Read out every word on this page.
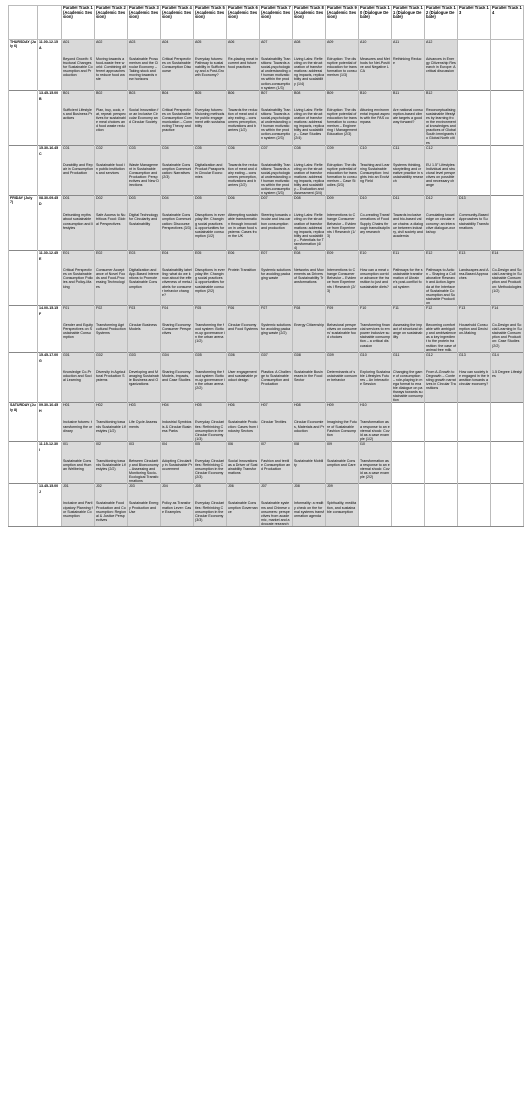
		Parallel Track 1 (Academic Session)	Parallel Track 2 (Academic Session)	Parallel Track 3 (Academic Session)	Parallel Track 4 (Academic Session)	Parallel Track 5 (Academic Session)	Parallel Track 6 (Academic Session)	Parallel Track 7 (Academic Session)	Parallel Track 8 (Academic Session)	Parallel Track 9 (Academic Session)	Parallel Track 10 (Dialogue Debate)	Parallel Track 11 (Dialogue Debate)	Parallel Track 12 (Dialogue Debate)	Parallel Track 13	Parallel Track 14
THURSDAY (July 6)	11.00-12.15	A01	A02	A03	A04	A05	A06	A07	A08	A09	A10	A11	A12		
	A														
		Beyond Growth: Structural Changes for Sustainable Consumption and Production	Moving towards a food-waste free world: Combining different approaches to reduce food waste	Sustainable Prosumerism and the Circular Economy – Taking stock and moving towards new horizons	Critical Perspectives on Sustainable Consumption Discourse	Everyday futures: Pathway to sustainability in Sufficiency and a Post-Growth Economy?	Re-placing meat in current and future food practices	Sustainability Transitions: Towards a social-psychological understanding of human motivations within the production-consumption system (1/3)	Living Labs: Reflecting on the structuration of transformations: addressing impacts, replicability and scalability (1/4)	Edruption: The disruptive potential of education for transformation to consumerism (1/3)	Measures and Methods for Net-Positive and Negative LCA	Rethinking Reduce	Advances in Energy Citizenship Research in Europe: A critical discussion		
	13.45-15.00	B01	B02	B03	B04	B05	B06	B07	B08	B09	B10	B11	B12		
	B														
		Sufficient Lifestyles and Business Practices	Plan, buy, cook, eat, repeat: perspectives for sustainable meal choices and food waste reduction	Social Innovation for an Inclusive Circular Economy and Circular Society	Critical Perspectives on Sustainable Consumption Communication – Connecting Theory and practice	Everyday futures: Visioning methods for public engagement with sustainability	Towards the reduction of meat and dairy eating – consumers perception, motivations and barriers (1/2)	Sustainability Transitions: Towards a social-psychological understanding of human motivations within the production-consumption system (2/3)	Living Labs: Reflecting on the structuration of transformations: addressing impacts, replicability and scalability – Case Studies (2/4)	Edruption: The disruptive potential of education for transformation to consumerism – Engineering / Management Education (2/3)	Attuning environmental impact aspects with the PAS compass	Are national consumption-based climate targets a good way forward?	Reconceptualising sustainable lifestyles by learning from the environmental knowledges and practices of Global South immigrants to Global North cities		
	15.30-16.45	C01	C02	C03	C04	C05	C06	C07	C08	C09	C10	C11	C12		
	C														
		Durability and Repair in Consumption and Production	Sustainable food in public institutions and services	Waste Management in Sustainable Consumption and Production: Perspectives and New Directions	Sustainable Consumption Communication: Narratives (2/3)	Digitalization and Product Passports in Circular Economies	Towards the reduction of meat and dairy eating – consumers perception, motivations and barriers (2/2)	Sustainability Transitions: Towards a social-psychological understanding of human motivations within the production-consumption system (3/3)	Living Labs: Reflecting on the structuration of transformations: addressing impacts, replicability and scalability – Evaluation and Assessment (3/4)	Edruption: The disruptive potential of education for transformation to consumerism – Case Studies (3/3)	Teaching and Learning Sustainable Consumption: Insights into an Evolving Field	Systems thinking, storytelling and creative practice in sustainability research	EU 1.5° Lifestyles: Individual and structural level perspectives on possible and necessary change		
FRIDAY (July 7)	08.30-09.45	D01	D02	D03	D04	D05	D06	D07	D08	D09	D10	D11	D12	D13	
	D														
		Debunking myths about sustainable consumption and lifestyles	Safe Access to Nutritious Food: Global Perspectives	Digital Technology for Circularity and Sustainability	Sustainable Consumption Communication: Discourse Perspectives (3/3)	Disruptions in everyday life: Changing social practices & opportunities for sustainable consumption (1/2)	Attempting sustainable transformation through innovation in urban food systems: Cases from the UK	Steering towards circular and low-carbon consumption and production	Living Labs: Reflecting on the structuration of transformations: addressing impacts, replicability and scalability – Potentials for Transformation (4/4)	Interventions to Change Consumer Behavior – Evidence from Experiments I Research (1/3)	Co-creating Transformations of Food Supply Chains through transdisciplinary research	Towards inclusive and bio-based value chains: a dialogue between industry, civil society and academia	Cumulating knowledge on circular economy: an interactive dialogue-workshop	Community-Based Approaches to Sustainability Transformations	
	11.30-12.45	E01	E02	E03	E04	E05	E06	E07	E08	E09	E10	E11	E12	E13	E14
	E														
		Critical Perspectives on Sustainable Consumption Policies and Policy-Making	Consumer Acceptance of Novel Foods and Food-Processing Technologies	Digitalization and App-Based Interventions to Promote Sustainable Consumption	Sustainability labelling: what do we know about the effectiveness of meta-labels for consumer behavior change?	Disruptions in everyday life: Changing social practices & opportunities for sustainable consumption (2/2)	Protein Transition	Systemic solutions for avoiding packaging waste	Networks and Movements as Drivers of Sustainability Transformations	Interventions to Change Consumer Behavior – Evidence from Experiments I Research (2/3)	How can a meat consumption corridor advance the transition to just and sustainable diets?	Pathways for the sustainable transformation of Ukraine's post-conflict food system	Pathways to Action – Shaping a Collaborative Research and Action Agenda at the Interface of Sustainable Consumption and Sustainable Production	Landscapes and Area-Based Approaches	Co-Design and Social Learning in Sustainable Consumption and Production: Methodologies (1/2)
	14.00-15.15	F01	F02	F03	F04	F05	F06	F07	F08	F09	F10	F11	F12	F13	F14
	F														
		Gender and Equity Perspectives on Sustainable Consumption	Transforming Agricultural Production Systems	Circular Business Models	Sharing Economy: Consumer Perspectives	Transforming the food system: Bottom-up governance in the urban arena (1/2)	Circular Economy and Food Systems	Systemic solutions for avoiding packaging waste (2/2)	Energy Citizenship	Behavioral perspectives on consumers' sustainable food choices	Transforming financial services to empower inclusive sustainable consumption – a critical discussion	Assessing the impact of structural change on sustainability	Becoming comfortable with ambiguity and ambivalence as a key ingredient to the protein transition: the case of animal free milk.	Household Consumption and Decision-Making	Co-Design and Social Learning in Sustainable Consumption and Production: Case Studies (2/2)
	15.45-17.00	G01	G02	G03	G04	G05	G06	G07	G08	G09	G10	G11	G12	G13	G14
	G														
		Knowledge Co-Production and Social Learning	Diversity in Agricultural Production Systems	Developing and Managing Sustainable Business and Organizations	Sharing Economy: Models, Impacts, and Case Studies	Transforming the food system: Bottom-up governance in the urban arena (2/2)	User engagement and sustainable product design	Plastics: A Challenge to Sustainable Consumption and Production	Sustainable Businesses in the Food Sector	Determinants of sustainable consumer behavior	Exploring Sustainable Lifestyles Futures – An Interactive Session	Changing the game of consumption – role-playing in mega format to enable dialogue on pathways towards sustainable consumption	From A-Growth to Degrowth – Contesting growth narratives in Circular Transitions	How can society be engaged in the transition towards a circular economy?	1.5 Degree Lifestyles
SATURDAY (July 8)	09.30-10.45	H01	H02	H03	H04	H05	H06	H07	H08	H09	H10				
	H														
		Inclusive futures: transforming the ordinary	Transitioning towards Sustainable Lifestyles (1/2)	Life Cycle Assessments	Industrial Symbiosis & Circular Business Parks	Everyday Circularities: Rethinking Consumption in the Circular Economy (1/3)	Sustainable Production: Cases from Industry Sectors	Circular Textiles	Circular Economies, Materials and Production	Imagining the Future of Sustainable Fashion Consumption	Transformation as a response to an external shock: Covid as a case example (1/2)				
	11.15-12.30	I01	I02	I03	I04	I05	I06	I07	I08	I09	I10				
	I														
		Sustainable Consumption and Human Wellbeing	Transitioning towards Sustainable Lifestyles (2/2)	Between Circularity and Bioeconomy – Assessing and Monitoring Socio-Ecological Transformations	Adopting Circularity in Sustainable Procurement	Everyday Circularities: Rethinking Consumption in the Circular Economy (2/3)	Social Innovations as a Driver of Sustainability Transformations	Fashion and textile Consumption and Production	Sustainable Mobility	Sustainable Consumption and Care	Transformation as a response to an external shock: Covid as a case example (2/2)				
	13.45-15.00	J01	J02	J03	J04	J05	J06	J07	J08	J09					
	J														
		Inclusive and Participatory Planning for Sustainable Consumption	Sustainable Food Production and Consumption: Regional & Justice Perspectives	Sustainable Energy Production and Use	Policy as Transformation Lever: Case Examples	Everyday Circularities: Rethinking Consumption in the Circular Economy (3/3)	Sustainable Consumption Governance	Sustainable systems and Chinese consumers: perspectives from academic, market and advocate research	Informality: a reality check on the formal systems transformation agenda	Spirituality, meditation, and sustainable consumption					
